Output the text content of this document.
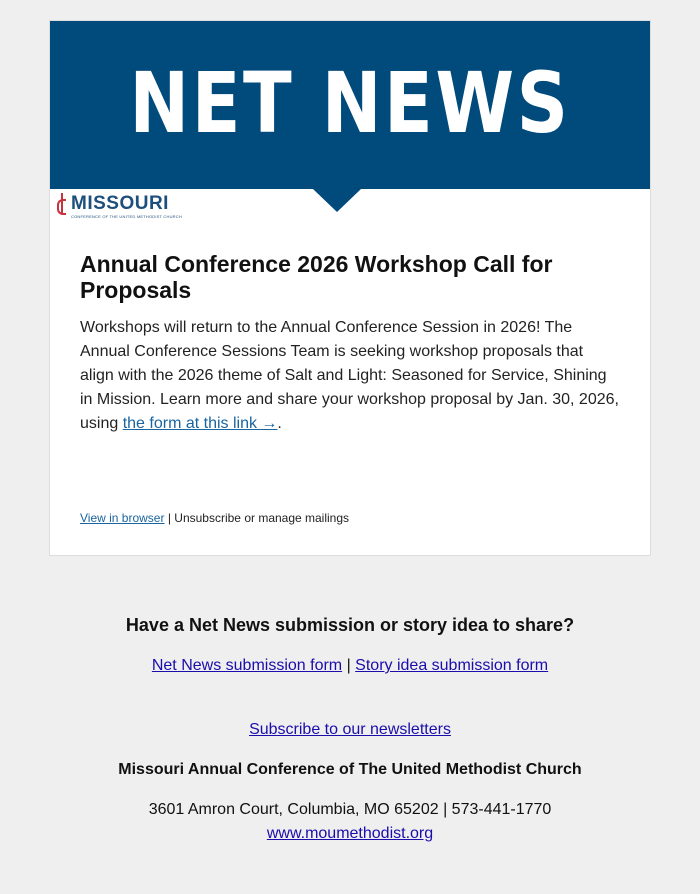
NET NEWS
MISSOURI
CONFERENCE OF THE UNITED METHODIST CHURCH
Annual Conference 2026 Workshop Call for Proposals

Workshops will return to the Annual Conference Session in 2026! The Annual Conference Sessions Team is seeking workshop proposals that align with the 2026 theme of Salt and Light: Seasoned for Service, Shining in Mission. Learn more and share your workshop proposal by Jan. 30, 2026, using the form at this link →.

View in browser | Unsubscribe or manage mailings
Have a Net News submission or story idea to share?
Net News submission form | Story idea submission form
Subscribe to our newsletters
Missouri Annual Conference of The United Methodist Church
3601 Amron Court, Columbia, MO 65202 | 573-441-1770
www.moumethodist.org
